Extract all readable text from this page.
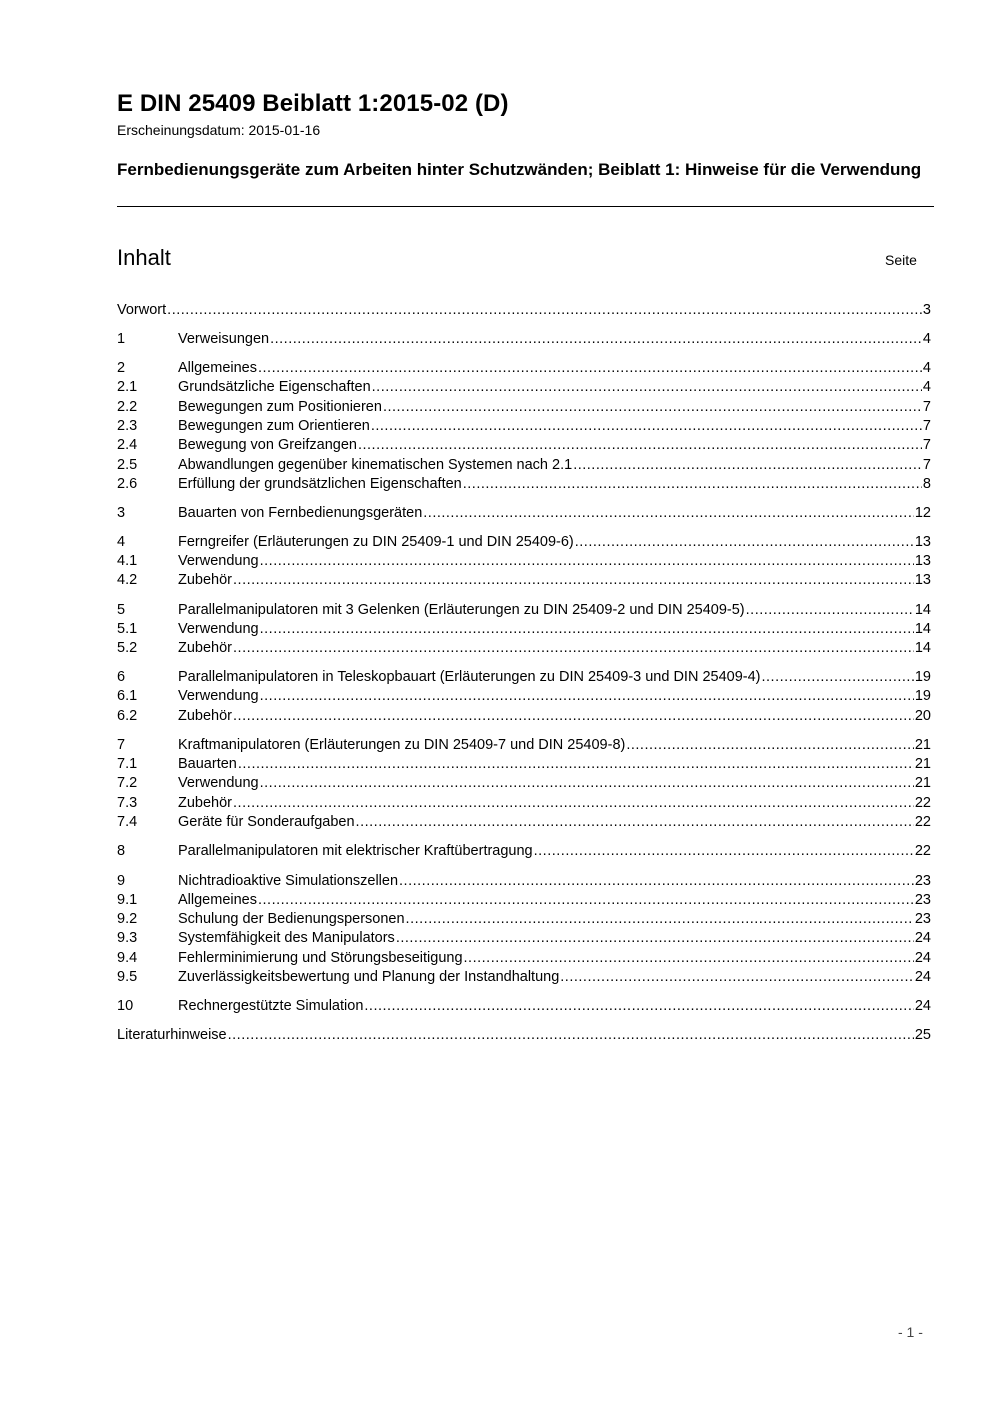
E DIN 25409 Beiblatt 1:2015-02 (D)
Erscheinungsdatum: 2015-01-16
Fernbedienungsgeräte zum Arbeiten hinter Schutzwänden; Beiblatt 1: Hinweise für die Verwendung
Inhalt	Seite
Vorwort .....	3
1	Verweisungen .....	4
2	Allgemeines .....	4
2.1	Grundsätzliche Eigenschaften .....	4
2.2	Bewegungen zum Positionieren .....	7
2.3	Bewegungen zum Orientieren .....	7
2.4	Bewegung von Greifzangen .....	7
2.5	Abwandlungen gegenüber kinematischen Systemen nach 2.1 .....	7
2.6	Erfüllung der grundsätzlichen Eigenschaften .....	8
3	Bauarten von Fernbedienungsgeräten .....	12
4	Ferngreifer (Erläuterungen zu DIN 25409-1 und DIN 25409-6) .....	13
4.1	Verwendung .....	13
4.2	Zubehör .....	13
5	Parallelmanipulatoren mit 3 Gelenken (Erläuterungen zu DIN 25409-2 und DIN 25409-5) .....	14
5.1	Verwendung .....	14
5.2	Zubehör .....	14
6	Parallelmanipulatoren in Teleskopbauart (Erläuterungen zu DIN 25409-3 und DIN 25409-4) .....	19
6.1	Verwendung .....	19
6.2	Zubehör .....	20
7	Kraftmanipulatoren (Erläuterungen zu DIN 25409-7 und DIN 25409-8) .....	21
7.1	Bauarten .....	21
7.2	Verwendung .....	21
7.3	Zubehör .....	22
7.4	Geräte für Sonderaufgaben .....	22
8	Parallelmanipulatoren mit elektrischer Kraftübertragung .....	22
9	Nichtradioaktive Simulationszellen .....	23
9.1	Allgemeines .....	23
9.2	Schulung der Bedienungspersonen .....	23
9.3	Systemfähigkeit des Manipulators .....	24
9.4	Fehlerminimierung und Störungsbeseitigung .....	24
9.5	Zuverlässigkeitsbewertung und Planung der Instandhaltung .....	24
10	Rechnergestützte Simulation .....	24
Literaturhinweise .....	25
- 1 -
